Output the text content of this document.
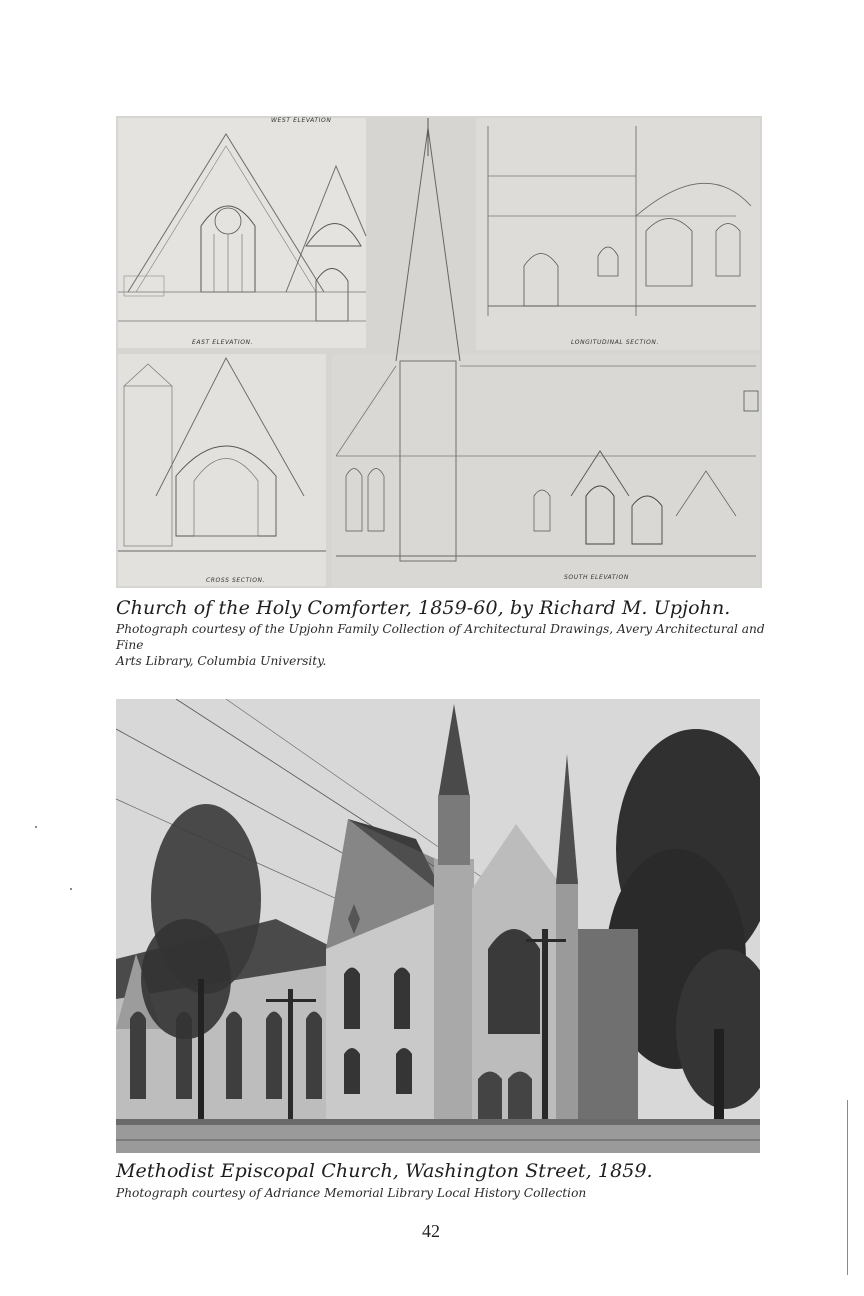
WEST ELEVATION
EAST ELEVATION.	LONGITUDINAL SECTION.
CROSS SECTION.	SOUTH ELEVATION
Church of the Holy Comforter, 1859-60, by Richard M. Upjohn.
Photograph courtesy of the Upjohn Family Collection of Architectural Drawings, Avery Architectural and Fine
Arts Library, Columbia University.
Methodist Episcopal Church, Washington Street, 1859.
Photograph courtesy of Adriance Memorial Library Local History Collection
42
